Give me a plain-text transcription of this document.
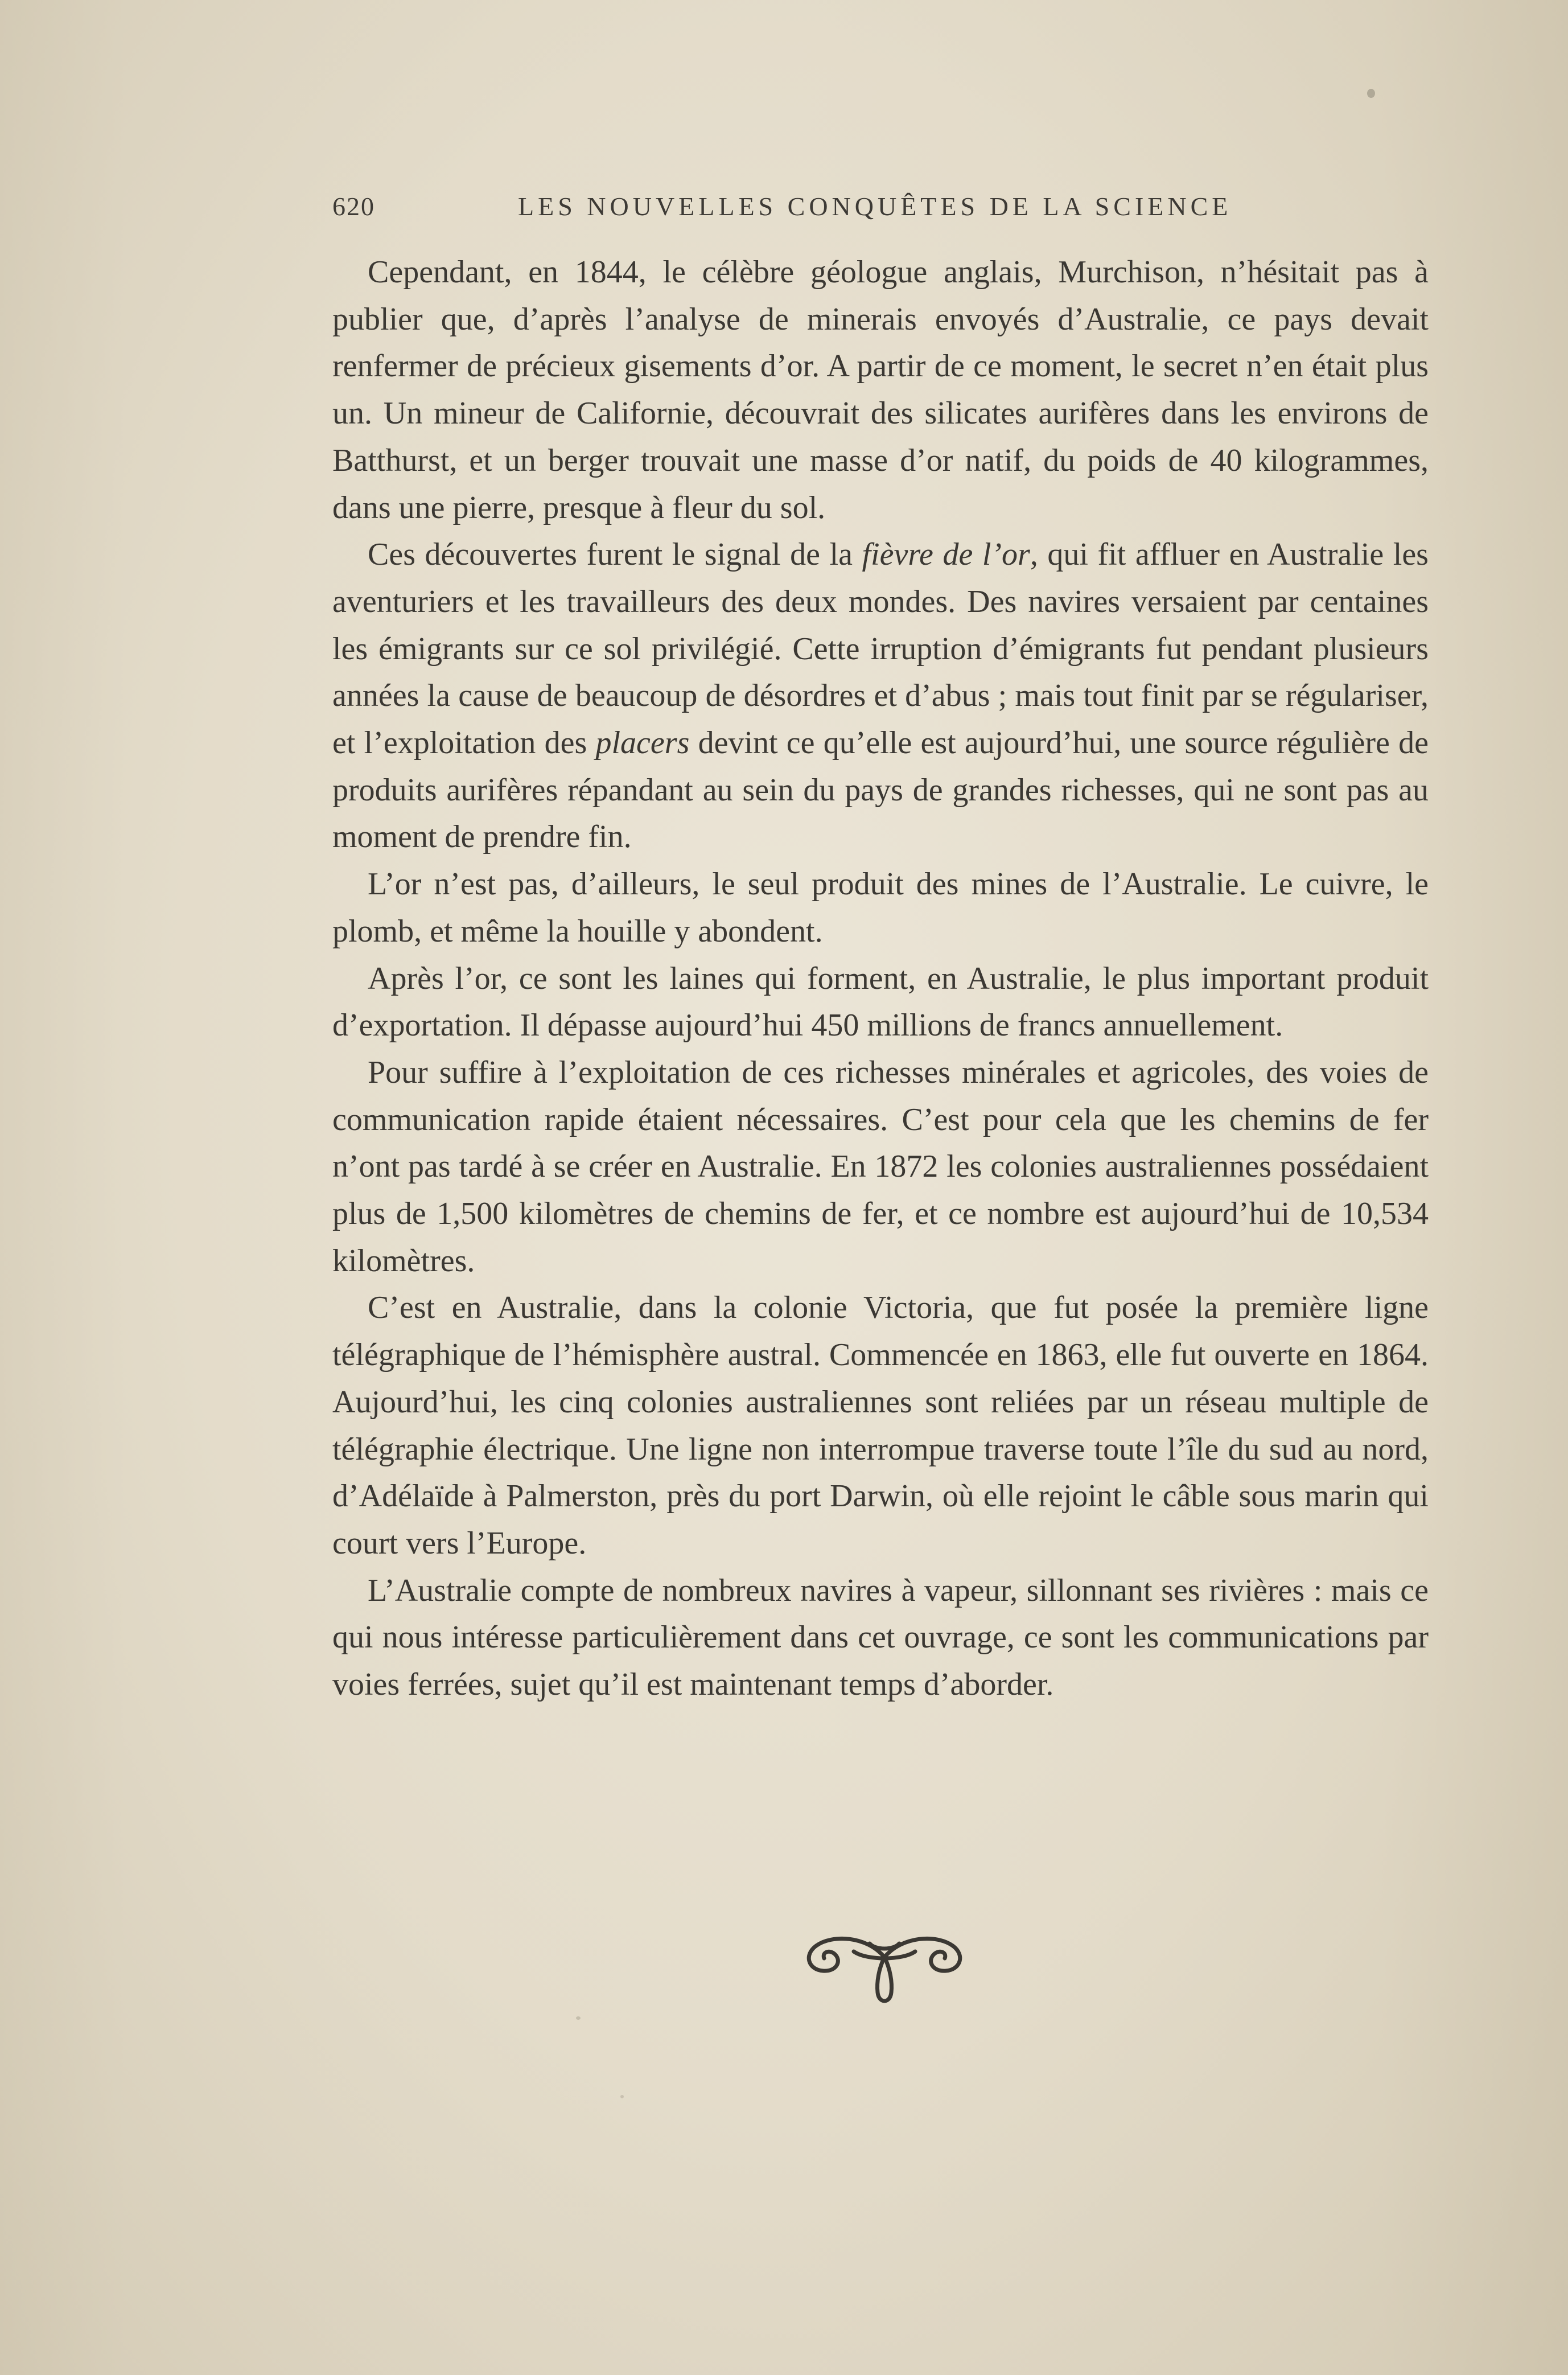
620	LES NOUVELLES CONQUÊTES DE LA SCIENCE

Cependant, en 1844, le célèbre géologue anglais, Murchison, n’hésitait pas à publier que, d’après l’analyse de minerais envoyés d’Australie, ce pays devait renfermer de précieux gisements d’or. A partir de ce moment, le secret n’en était plus un. Un mineur de Californie, découvrait des silicates aurifères dans les environs de Batthurst, et un berger trouvait une masse d’or natif, du poids de 40 kilogrammes, dans une pierre, presque à fleur du sol.

Ces découvertes furent le signal de la fièvre de l’or, qui fit affluer en Australie les aventuriers et les travailleurs des deux mondes. Des navires versaient par centaines les émigrants sur ce sol privilégié. Cette irruption d’émigrants fut pendant plusieurs années la cause de beaucoup de désordres et d’abus ; mais tout finit par se régulariser, et l’exploitation des placers devint ce qu’elle est aujourd’hui, une source régulière de produits aurifères répandant au sein du pays de grandes richesses, qui ne sont pas au moment de prendre fin.

L’or n’est pas, d’ailleurs, le seul produit des mines de l’Australie. Le cuivre, le plomb, et même la houille y abondent.

Après l’or, ce sont les laines qui forment, en Australie, le plus important produit d’exportation. Il dépasse aujourd’hui 450 millions de francs annuellement.

Pour suffire à l’exploitation de ces richesses minérales et agricoles, des voies de communication rapide étaient nécessaires. C’est pour cela que les chemins de fer n’ont pas tardé à se créer en Australie. En 1872 les colonies australiennes possédaient plus de 1,500 kilomètres de chemins de fer, et ce nombre est aujourd’hui de 10,534 kilomètres.

C’est en Australie, dans la colonie Victoria, que fut posée la première ligne télégraphique de l’hémisphère austral. Commencée en 1863, elle fut ouverte en 1864. Aujourd’hui, les cinq colonies australiennes sont reliées par un réseau multiple de télégraphie électrique. Une ligne non interrompue traverse toute l’île du sud au nord, d’Adélaïde à Palmerston, près du port Darwin, où elle rejoint le câble sous marin qui court vers l’Europe.

L’Australie compte de nombreux navires à vapeur, sillonnant ses rivières : mais ce qui nous intéresse particulièrement dans cet ouvrage, ce sont les communications par voies ferrées, sujet qu’il est maintenant temps d’aborder.
